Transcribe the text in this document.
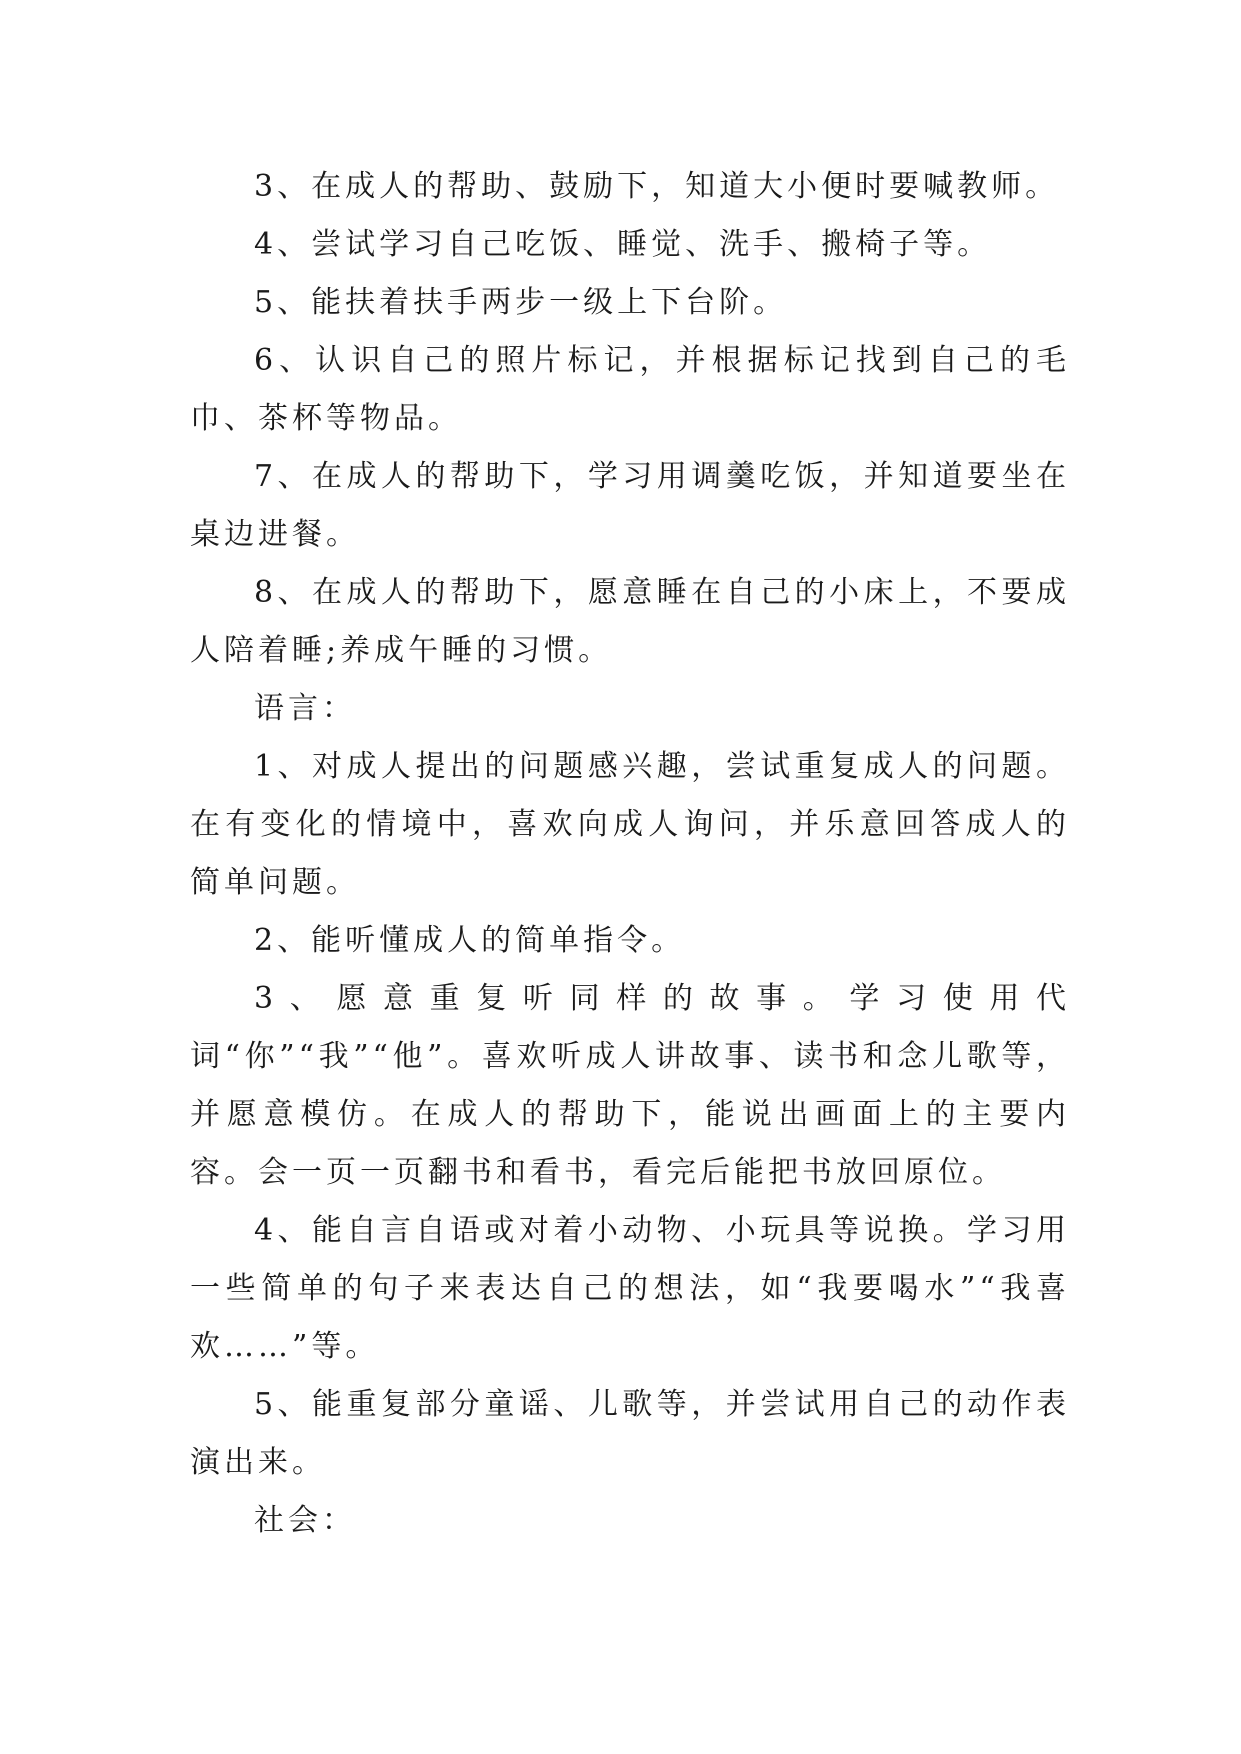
3、在成人的帮助、鼓励下，知道大小便时要喊教师。

4、尝试学习自己吃饭、睡觉、洗手、搬椅子等。

5、能扶着扶手两步一级上下台阶。

6、认识自己的照片标记，并根据标记找到自己的毛巾、茶杯等物品。

7、在成人的帮助下，学习用调羹吃饭，并知道要坐在桌边进餐。

8、在成人的帮助下，愿意睡在自己的小床上，不要成人陪着睡;养成午睡的习惯。

语言：

1、对成人提出的问题感兴趣，尝试重复成人的问题。在有变化的情境中，喜欢向成人询问，并乐意回答成人的简单问题。

2、能听懂成人的简单指令。

3、愿意重复听同样的故事。学习使用代词“你”“我”“他”。喜欢听成人讲故事、读书和念儿歌等，并愿意模仿。在成人的帮助下，能说出画面上的主要内容。会一页一页翻书和看书，看完后能把书放回原位。

4、能自言自语或对着小动物、小玩具等说换。学习用一些简单的句子来表达自己的想法，如“我要喝水”“我喜欢……”等。

5、能重复部分童谣、儿歌等，并尝试用自己的动作表演出来。

社会：
